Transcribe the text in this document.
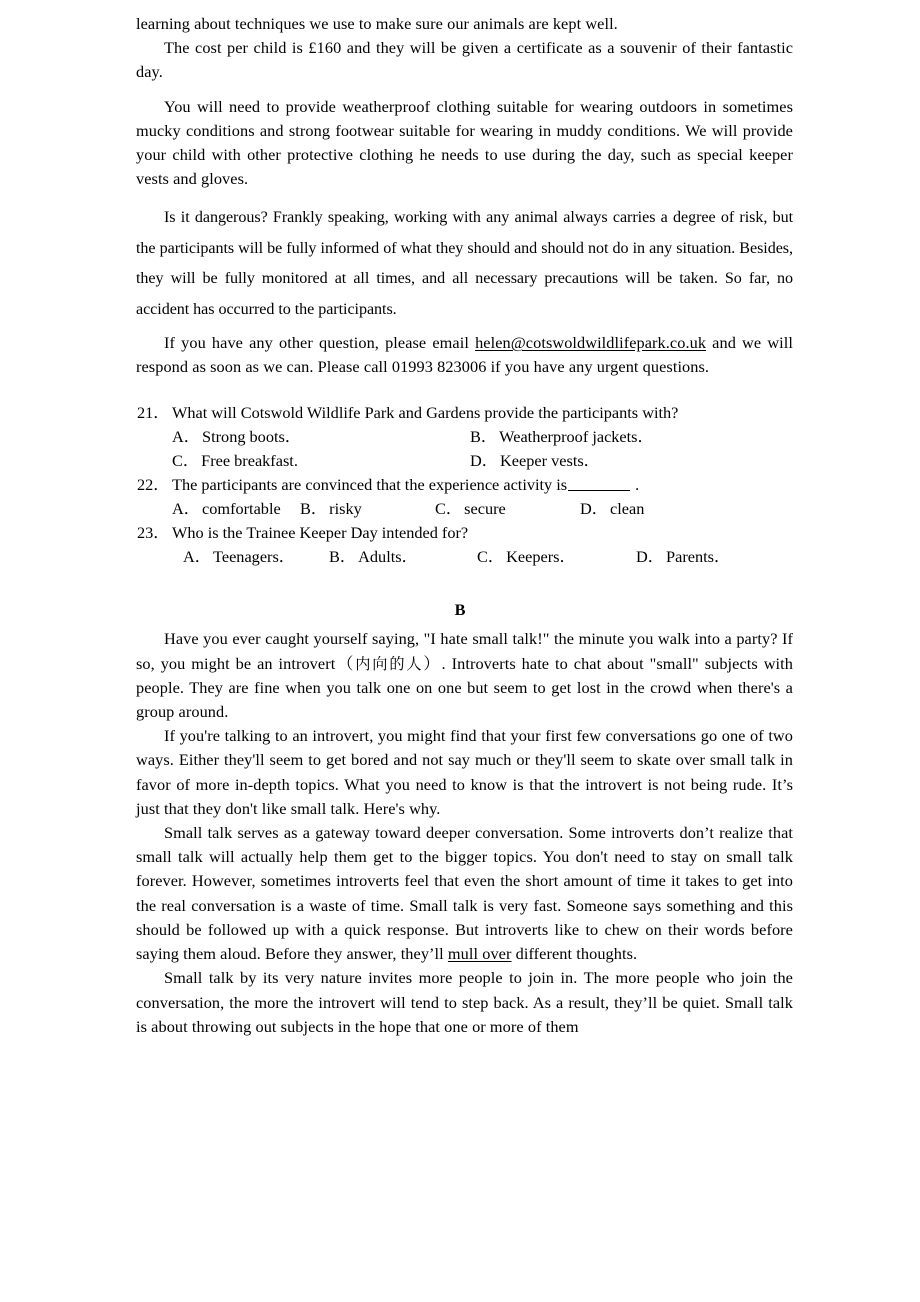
learning about techniques we use to make sure our animals are kept well.

The cost per child is £160 and they will be given a certificate as a souvenir of their fantastic day.

You will need to provide weatherproof clothing suitable for wearing outdoors in sometimes mucky conditions and strong footwear suitable for wearing in muddy conditions. We will provide your child with other protective clothing he needs to use during the day, such as special keeper vests and gloves.

Is it dangerous? Frankly speaking, working with any animal always carries a degree of risk, but the participants will be fully informed of what they should and should not do in any situation. Besides, they will be fully monitored at all times, and all necessary precautions will be taken. So far, no accident has occurred to the participants.

If you have any other question, please email helen@cotswoldwildlifepark.co.uk and we will respond as soon as we can. Please call 01993 823006 if you have any urgent questions.

21． What will Cotswold Wildlife Park and Gardens provide the participants with?
A． Strong boots．	B． Weatherproof jackets．
C． Free breakfast.	D． Keeper vests．
22． The participants are convinced that the experience activity is	.
A． comfortable	B． risky	C． secure	D． clean
23． Who is the Trainee Keeper Day intended for?
A． Teenagers．	B． Adults．	C． Keepers．	D． Parents．
B

Have you ever caught yourself saying, "I hate small talk!" the minute you walk into a party? If so, you might be an introvert（内向的人）. Introverts hate to chat about "small" subjects with people. They are fine when you talk one on one but seem to get lost in the crowd when there's a group around.

If you're talking to an introvert, you might find that your first few conversations go one of two ways. Either they'll seem to get bored and not say much or they'll seem to skate over small talk in favor of more in-depth topics. What you need to know is that the introvert is not being rude. It’s just that they don't like small talk. Here's why.

Small talk serves as a gateway toward deeper conversation. Some introverts don’t realize that small talk will actually help them get to the bigger topics. You don't need to stay on small talk forever. However, sometimes introverts feel that even the short amount of time it takes to get into the real conversation is a waste of time. Small talk is very fast. Someone says something and this should be followed up with a quick response. But introverts like to chew on their words before saying them aloud. Before they answer, they’ll mull over different thoughts.

Small talk by its very nature invites more people to join in. The more people who join the conversation, the more the introvert will tend to step back. As a result, they’ll be quiet. Small talk is about throwing out subjects in the hope that one or more of them
